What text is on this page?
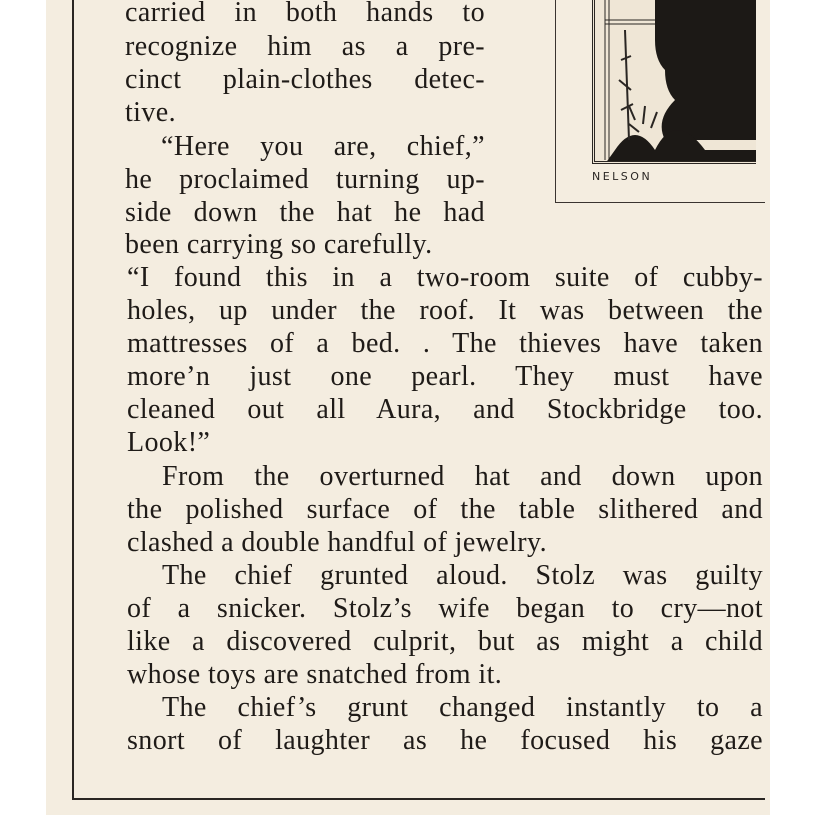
NELSON

carried in both hands to

recognize him as a pre-

cinct plain-clothes detec-

tive.

“Here you are, chief,”

he proclaimed turning up-

side down the hat he had

been carrying so carefully.

“I found this in a two-room suite of cubby-

holes, up under the roof. It was between the

mattresses of a bed. . The thieves have taken

more’n just one pearl. They must have

cleaned out all Aura, and Stockbridge too.

Look!”

From the overturned hat and down upon

the polished surface of the table slithered and

clashed a double handful of jewelry.

The chief grunted aloud. Stolz was guilty

of a snicker. Stolz’s wife began to cry—not

like a discovered culprit, but as might a child

whose toys are snatched from it.

The chief’s grunt changed instantly to a

snort of laughter as he focused his gaze
